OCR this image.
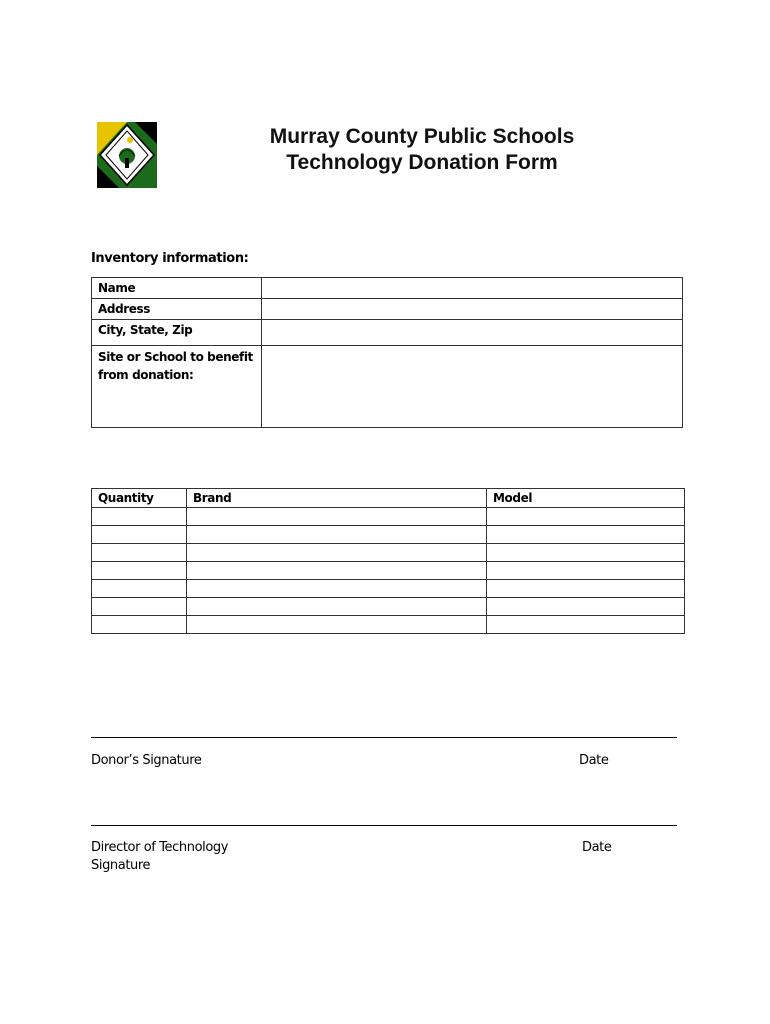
Murray County Public Schools
Technology Donation Form
Inventory information:
Name	
Address	
City, State, Zip	
Site or School to benefit from donation:	
Quantity	Brand	Model

Donor’s Signature	Date
Director of Technology
Signature
Date
